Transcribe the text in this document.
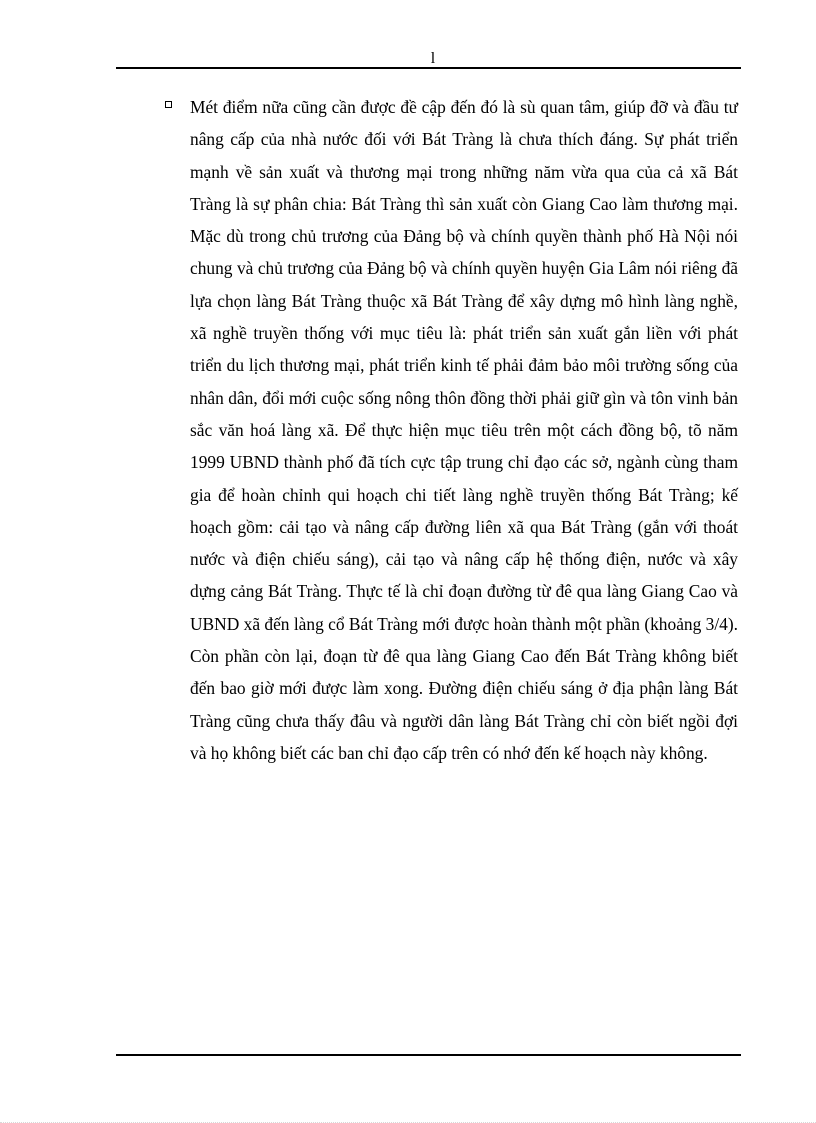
l
Mét điểm nữa cũng cần được đề cập đến đó là sù quan tâm, giúp đỡ và đầu tư nâng cấp của nhà nước đối với Bát Tràng là chưa thích đáng. Sự phát triển mạnh về sản xuất và thương mại trong những năm vừa qua của cả xã Bát Tràng là sự phân chia: Bát Tràng thì sản xuất còn Giang Cao làm thương mại. Mặc dù trong chủ trương của Đảng bộ và chính quyền thành phố Hà Nội nói chung và chủ trương của Đảng bộ và chính quyền huyện Gia Lâm nói riêng đã lựa chọn làng Bát Tràng thuộc xã Bát Tràng để xây dựng mô hình làng nghề, xã nghề truyền thống với mục tiêu là: phát triển sản xuất gắn liền với phát triển du lịch thương mại, phát triển kinh tế phải đảm bảo môi trường sống của nhân dân, đổi mới cuộc sống nông thôn đồng thời phải giữ gìn và tôn vinh bản sắc văn hoá làng xã. Để thực hiện mục tiêu trên một cách đồng bộ, tõ năm 1999 UBND thành phố đã tích cực tập trung chỉ đạo các sở, ngành cùng tham gia để hoàn chỉnh qui hoạch chi tiết làng nghề truyền thống Bát Tràng; kế hoạch gồm: cải tạo và nâng cấp đường liên xã qua Bát Tràng (gắn với thoát nước và điện chiếu sáng), cải tạo và nâng cấp hệ thống điện, nước và xây dựng cảng Bát Tràng. Thực tế là chỉ đoạn đường từ đê qua làng Giang Cao và UBND xã đến làng cổ Bát Tràng mới được hoàn thành một phần (khoảng 3/4). Còn phần còn lại, đoạn từ đê qua làng Giang Cao đến Bát Tràng không biết đến bao giờ mới được làm xong. Đường điện chiếu sáng ở địa phận làng Bát Tràng cũng chưa thấy đâu và người dân làng Bát Tràng chỉ còn biết ngồi đợi và họ không biết các ban chỉ đạo cấp trên có nhớ đến kế hoạch này không.
